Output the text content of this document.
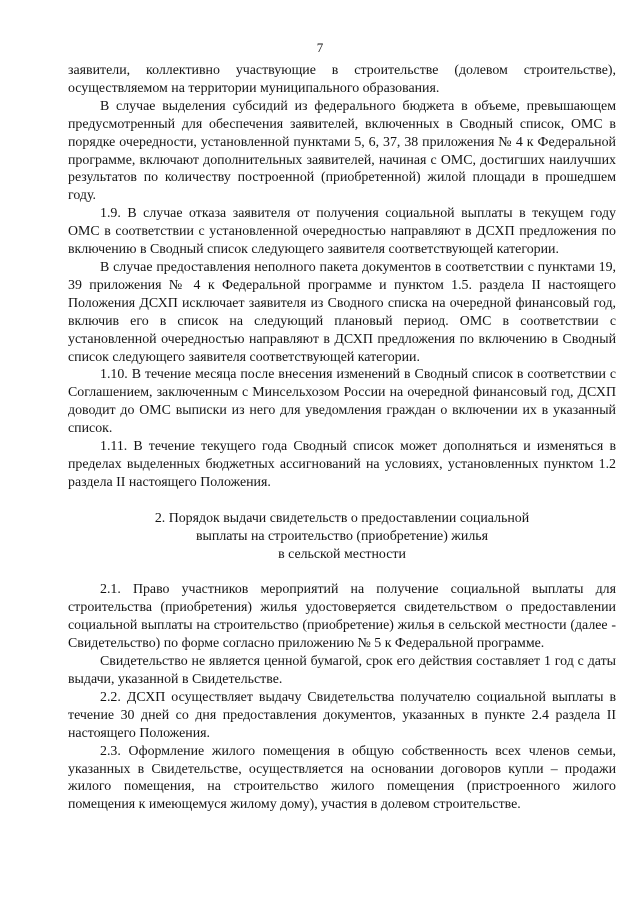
7

заявители, коллективно участвующие в строительстве (долевом строительстве), осуществляемом на территории муниципального образования.

В случае выделения субсидий из федерального бюджета в объеме, превышающем предусмотренный для обеспечения заявителей, включенных в Сводный список, ОМС в порядке очередности, установленной пунктами 5, 6, 37, 38 приложения № 4 к Федеральной программе, включают дополнительных заявителей, начиная с ОМС, достигших наилучших результатов по количеству построенной (приобретенной) жилой площади в прошедшем году.

1.9. В случае отказа заявителя от получения социальной выплаты в текущем году ОМС в соответствии с установленной очередностью направляют в ДСХП предложения по включению в Сводный список следующего заявителя соответствующей категории.

В случае предоставления неполного пакета документов в соответствии с пунктами 19, 39 приложения № 4 к Федеральной программе и пунктом 1.5. раздела II настоящего Положения ДСХП исключает заявителя из Сводного списка на очередной финансовый год, включив его в список на следующий плановый период. ОМС в соответствии с установленной очередностью направляют в ДСХП предложения по включению в Сводный список следующего заявителя соответствующей категории.

1.10. В течение месяца после внесения изменений в Сводный список в соответствии с Соглашением, заключенным с Минсельхозом России на очередной финансовый год, ДСХП доводит до ОМС выписки из него для уведомления граждан о включении их в указанный список.

1.11. В течение текущего года Сводный список может дополняться и изменяться в пределах выделенных бюджетных ассигнований на условиях, установленных пунктом 1.2 раздела II настоящего Положения.

2. Порядок выдачи свидетельств о предоставлении социальной
выплаты на строительство (приобретение) жилья
в сельской местности

2.1. Право участников мероприятий на получение социальной выплаты для строительства (приобретения) жилья удостоверяется свидетельством о предоставлении социальной выплаты на строительство (приобретение) жилья в сельской местности (далее - Свидетельство) по форме согласно приложению № 5 к Федеральной программе.

Свидетельство не является ценной бумагой, срок его действия составляет 1 год с даты выдачи, указанной в Свидетельстве.

2.2. ДСХП осуществляет выдачу Свидетельства получателю социальной выплаты в течение 30 дней со дня предоставления документов, указанных в пункте 2.4 раздела II настоящего Положения.

2.3. Оформление жилого помещения в общую собственность всех членов семьи, указанных в Свидетельстве, осуществляется на основании договоров купли – продажи жилого помещения, на строительство жилого помещения (пристроенного жилого помещения к имеющемуся жилому дому), участия в долевом строительстве.
